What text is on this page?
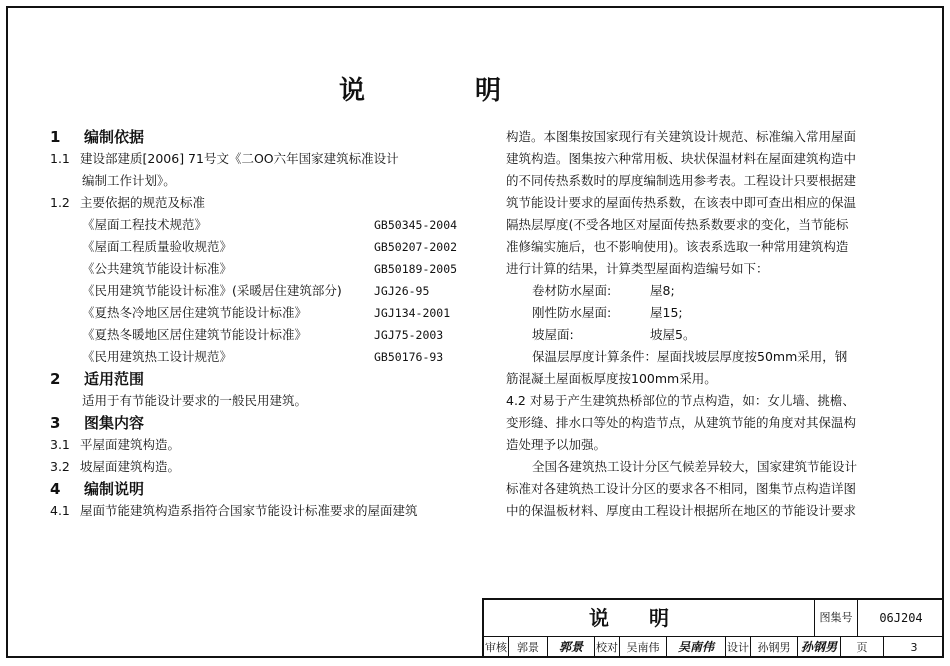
说明
1 编制依据
1.1 建设部建质[2006] 71号文《二OO六年国家建筑标准设计
编制工作计划》。
1.2 主要依据的规范及标准
《屋面工程技术规范》	GB50345-2004
《屋面工程质量验收规范》	GB50207-2002
《公共建筑节能设计标准》	GB50189-2005
《民用建筑节能设计标准》(采暖居住建筑部分)	JGJ26-95
《夏热冬冷地区居住建筑节能设计标准》	JGJ134-2001
《夏热冬暖地区居住建筑节能设计标准》	JGJ75-2003
《民用建筑热工设计规范》	GB50176-93
2 适用范围
适用于有节能设计要求的一般民用建筑。
3 图集内容
3.1 平屋面建筑构造。
3.2 坡屋面建筑构造。
4 编制说明
4.1 屋面节能建筑构造系指符合国家节能设计标准要求的屋面建筑
构造。本图集按国家现行有关建筑设计规范、标准编入常用屋面
建筑构造。图集按六种常用板、块状保温材料在屋面建筑构造中
的不同传热系数时的厚度编制选用参考表。工程设计只要根据建
筑节能设计要求的屋面传热系数，在该表中即可查出相应的保温
隔热层厚度(不受各地区对屋面传热系数要求的变化，当节能标
准修编实施后，也不影响使用)。该表系选取一种常用建筑构造
进行计算的结果，计算类型屋面构造编号如下：
卷材防水屋面:	屋8;
刚性防水屋面:	屋15;
坡屋面:	坡屋5。
保温层厚度计算条件：屋面找坡层厚度按50mm采用，钢
筋混凝土屋面板厚度按100mm采用。
4.2 对易于产生建筑热桥部位的节点构造，如：女儿墙、挑檐、
变形缝、排水口等处的构造节点，从建筑节能的角度对其保温构
造处理予以加强。
全国各建筑热工设计分区气候差异较大，国家建筑节能设计
标准对各建筑热工设计分区的要求各不相同，图集节点构造详图
中的保温板材料、厚度由工程设计根据所在地区的节能设计要求
说明	图集号	06J204
审核 郭景	郭景	校对 吴南伟	吴南伟	设计 孙钢男 孙钢男	页	3
